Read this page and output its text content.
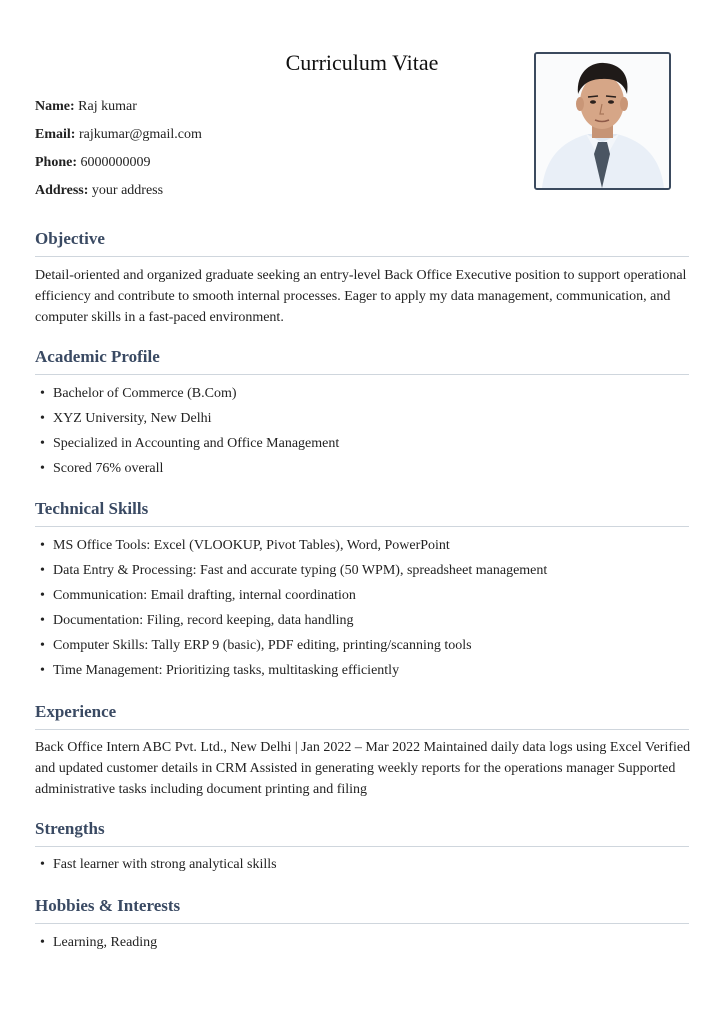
Curriculum Vitae
Name: Raj kumar
Email: rajkumar@gmail.com
Phone: 6000000009
Address: your address
Objective

Detail-oriented and organized graduate seeking an entry-level Back Office Executive position to support operational efficiency and contribute to smooth internal processes. Eager to apply my data management, communication, and computer skills in a fast-paced environment.

Academic Profile
• Bachelor of Commerce (B.Com)
• XYZ University, New Delhi
• Specialized in Accounting and Office Management
• Scored 76% overall
Technical Skills
• MS Office Tools: Excel (VLOOKUP, Pivot Tables), Word, PowerPoint
• Data Entry & Processing: Fast and accurate typing (50 WPM), spreadsheet management
• Communication: Email drafting, internal coordination
• Documentation: Filing, record keeping, data handling
• Computer Skills: Tally ERP 9 (basic), PDF editing, printing/scanning tools
• Time Management: Prioritizing tasks, multitasking efficiently
Experience

Back Office Intern ABC Pvt. Ltd., New Delhi | Jan 2022 – Mar 2022 Maintained daily data logs using Excel Verified and updated customer details in CRM Assisted in generating weekly reports for the operations manager Supported administrative tasks including document printing and filing

Strengths
• Fast learner with strong analytical skills
Hobbies & Interests
• Learning, Reading
